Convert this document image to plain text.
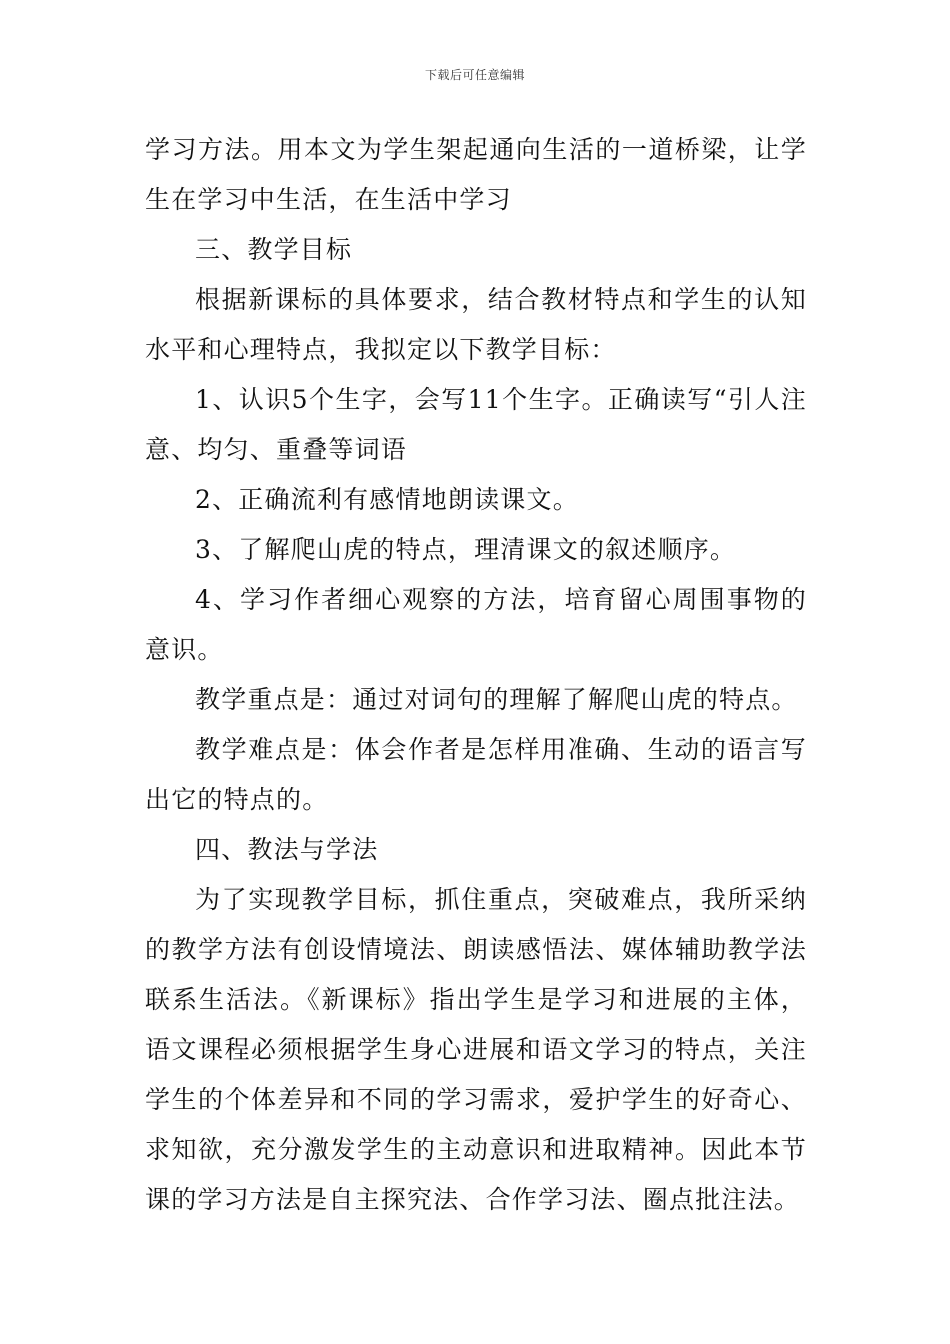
下载后可任意编辑

学习方法。用本文为学生架起通向生活的一道桥梁，让学生在学习中生活，在生活中学习

三、教学目标

根据新课标的具体要求，结合教材特点和学生的认知水平和心理特点，我拟定以下教学目标：

1、认识5个生字，会写11个生字。正确读写“引人注意、均匀、重叠等词语

2、正确流利有感情地朗读课文。

3、了解爬山虎的特点，理清课文的叙述顺序。

4、学习作者细心观察的方法，培育留心周围事物的意识。

教学重点是：通过对词句的理解了解爬山虎的特点。

教学难点是：体会作者是怎样用准确、生动的语言写出它的特点的。

四、教法与学法

为了实现教学目标，抓住重点，突破难点，我所采纳的教学方法有创设情境法、朗读感悟法、媒体辅助教学法联系生活法。《新课标》指出学生是学习和进展的主体，语文课程必须根据学生身心进展和语文学习的特点，关注学生的个体差异和不同的学习需求，爱护学生的好奇心、求知欲，充分激发学生的主动意识和进取精神。因此本节课的学习方法是自主探究法、合作学习法、圈点批注法。
